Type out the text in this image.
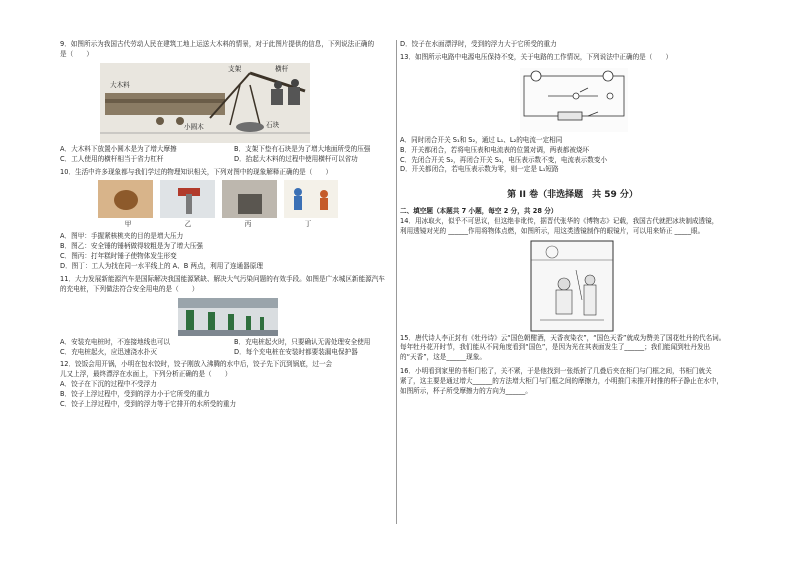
9．如图所示为我国古代劳动人民在建筑工地上运送大木料的情景，对于此图片提供的信息，下列说法正确的
是（　　）
支架	横杆
大木料
小圆木	石块
A．大木料下放置小圆木是为了增大摩擦	B．支架下垫有石块是为了增大地面所受的压强
C．工人使用的横杆相当于省力杠杆	D．抬起大木料的过程中使用横杆可以省功
10．生活中许多现象都与我们学过的物理知识相关，下列对图中的现象解释正确的是（　　）
甲	乙	丙	丁
A．图甲：手握紧核桃夹的目的是增大压力
B．图乙：安全锤的锤柄做得较粗是为了增大压强
C．图丙：打年糕时锤子使物体发生形变
D．图丁：工人为找在同一水平线上的 A、B 两点，利用了连通器原理
11．大力发展新能源汽车是国际解决我国能源紧缺、解决大气污染问题的有效手段。如图是广水城区新能源汽车
的充电桩，下列做法符合安全用电的是（　　）
A．安装充电桩时，不连接地线也可以	B．充电桩起火时，只要确认无需处理安全使用
C．充电桩起火，应迅速浇水扑灭	D．每个充电桩在安装时都要装漏电保护器
12．饺饭会用开锅，小明在包水饺时，饺子刚放入沸腾的水中后，饺子先下沉到锅底，过一会
儿又上浮，最终漂浮在水面上，下列分析正确的是（　　）
A．饺子在下沉的过程中不受浮力
B．饺子上浮过程中，受到的浮力小于它所受的重力
C．饺子上浮过程中，受到的浮力等于它排开的水所受的重力
D．饺子在水面漂浮时，受到的浮力大于它所受的重力
13．如图所示电路中电源电压保持不变，关于电路的工作情况，下列说法中正确的是（　　）
A．同时闭合开关 S₁和 S₂，通过 L₁、L₂的电流一定相同
B．开关都闭合，若将电压表和电流表的位置对调，两表都被烧坏
C．先闭合开关 S₂，再闭合开关 S₁，电压表示数不变，电流表示数变小
D．开关都闭合，若电压表示数为零，则一定是 L₁短路
第 II 卷（非选择题　共 59 分）
二、填空题（本题共 7 小题，每空 2 分，共 28 分）
14．用冰取火，似乎不可思议，但这绝非讹传，据晋代张华的《博物志》记载，我国古代就把冰块制成透镜，
利用透镜对光的 ______作用将物体点燃，如图所示，用这类透镜制作的眼镜片，可以用来矫正 _____眼。
15．唐代诗人李正封有《牡丹诗》云“国色朝酣酒，天香夜染衣”，“国色天香”就成为赞美了国花牡丹的代名词。
每年牡丹花开时节，我们能从不同角度看到“国色”，是因为光在其表面发生了______；我们能闻到牡丹发出
的“天香”，这是______现象。
16．小明看到家里的书柜门松了，关不紧，于是他找到一张纸折了几叠后夹在柜门与门框之间，书柜门就关
紧了，这主要是通过增大______的方法增大柜门与门框之间的摩擦力，小明推门未推开时推的杯子静止在水中，
如图所示，杯子所受摩擦力的方向为______。
